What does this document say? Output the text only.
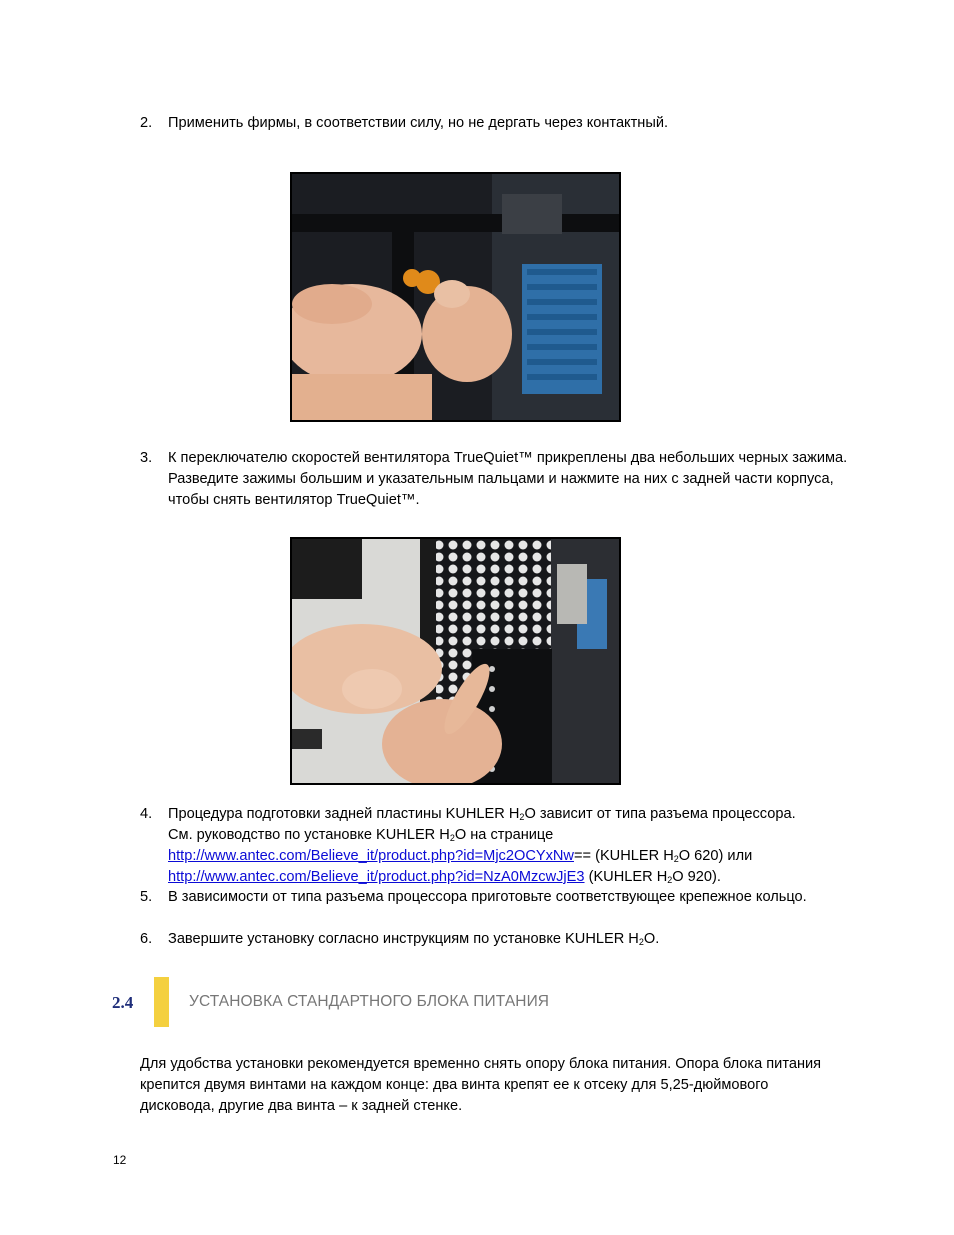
2.	Применить фирмы, в соответствии силу, но не дергать через контактный.
3.	К переключателю скоростей вентилятора TrueQuiet™ прикреплены два небольших черных зажима. Разведите зажимы большим и указательным пальцами и нажмите на них с задней части корпуса, чтобы снять вентилятор TrueQuiet™.
4.	Процедура подготовки задней пластины KUHLER $H_2O$ зависит от типа разъема процессора.
См. руководство по установке KUHLER $H_2O$ на странице
http://www.antec.com/Believe_it/product.php?id=Mjc2OCYxNw== (KUHLER $H_2O$ 620) или
http://www.antec.com/Believe_it/product.php?id=NzA0MzcwJjE3 (KUHLER $H_2O$ 920).
5.	В зависимости от типа разъема процессора приготовьте соответствующее крепежное кольцо.
6.	Завершите установку согласно инструкциям по установке KUHLER $H_2O$.
2.4	УСТАНОВКА СТАНДАРТНОГО БЛОКА ПИТАНИЯ
Для удобства установки рекомендуется временно снять опору блока питания. Опора блока питания крепится двумя винтами на каждом конце: два винта крепят ее к отсеку для 5,25-дюймового дисковода, другие два винта – к задней стенке.
12
